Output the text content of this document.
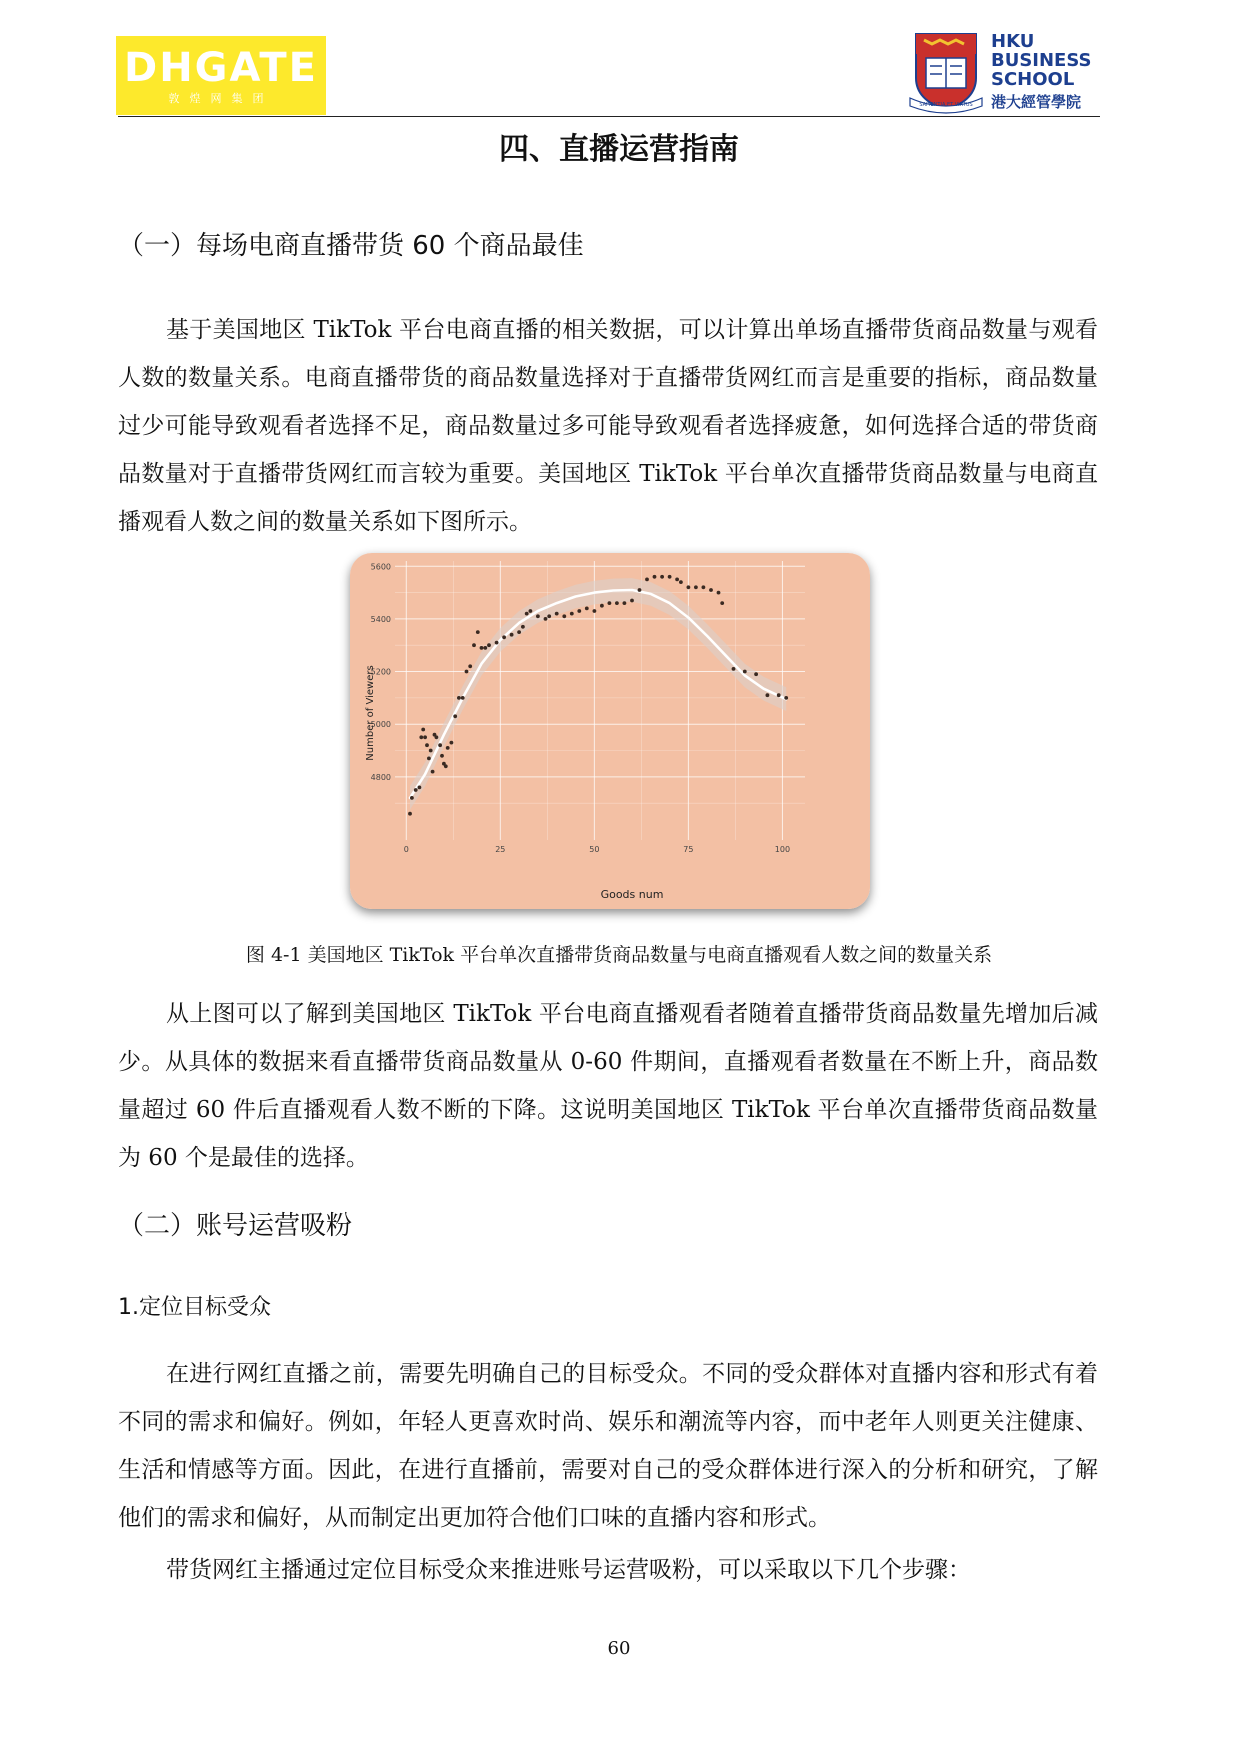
DHGATE
敦煌网集团	SAPIENTIA ET VIRTUS
HKU
BUSINESS
SCHOOL
港大經管學院
四、直播运营指南
（一）每场电商直播带货 60 个商品最佳

基于美国地区 TikTok 平台电商直播的相关数据，可以计算出单场直播带货商品数量与观看人数的数量关系。电商直播带货的商品数量选择对于直播带货网红而言是重要的指标，商品数量过少可能导致观看者选择不足，商品数量过多可能导致观看者选择疲惫，如何选择合适的带货商品数量对于直播带货网红而言较为重要。美国地区 TikTok 平台单次直播带货商品数量与电商直播观看人数之间的数量关系如下图所示。

0	25	50	75	100
4800
5000
5200
5400
5600
Goods num
Number of Viewers
图 4-1 美国地区 TikTok 平台单次直播带货商品数量与电商直播观看人数之间的数量关系

从上图可以了解到美国地区 TikTok 平台电商直播观看者随着直播带货商品数量先增加后减少。从具体的数据来看直播带货商品数量从 0-60 件期间，直播观看者数量在不断上升，商品数量超过 60 件后直播观看人数不断的下降。这说明美国地区 TikTok 平台单次直播带货商品数量为 60 个是最佳的选择。

（二）账号运营吸粉
1.定位目标受众

在进行网红直播之前，需要先明确自己的目标受众。不同的受众群体对直播内容和形式有着不同的需求和偏好。例如，年轻人更喜欢时尚、娱乐和潮流等内容，而中老年人则更关注健康、生活和情感等方面。因此，在进行直播前，需要对自己的受众群体进行深入的分析和研究，了解他们的需求和偏好，从而制定出更加符合他们口味的直播内容和形式。

带货网红主播通过定位目标受众来推进账号运营吸粉，可以采取以下几个步骤：

60
